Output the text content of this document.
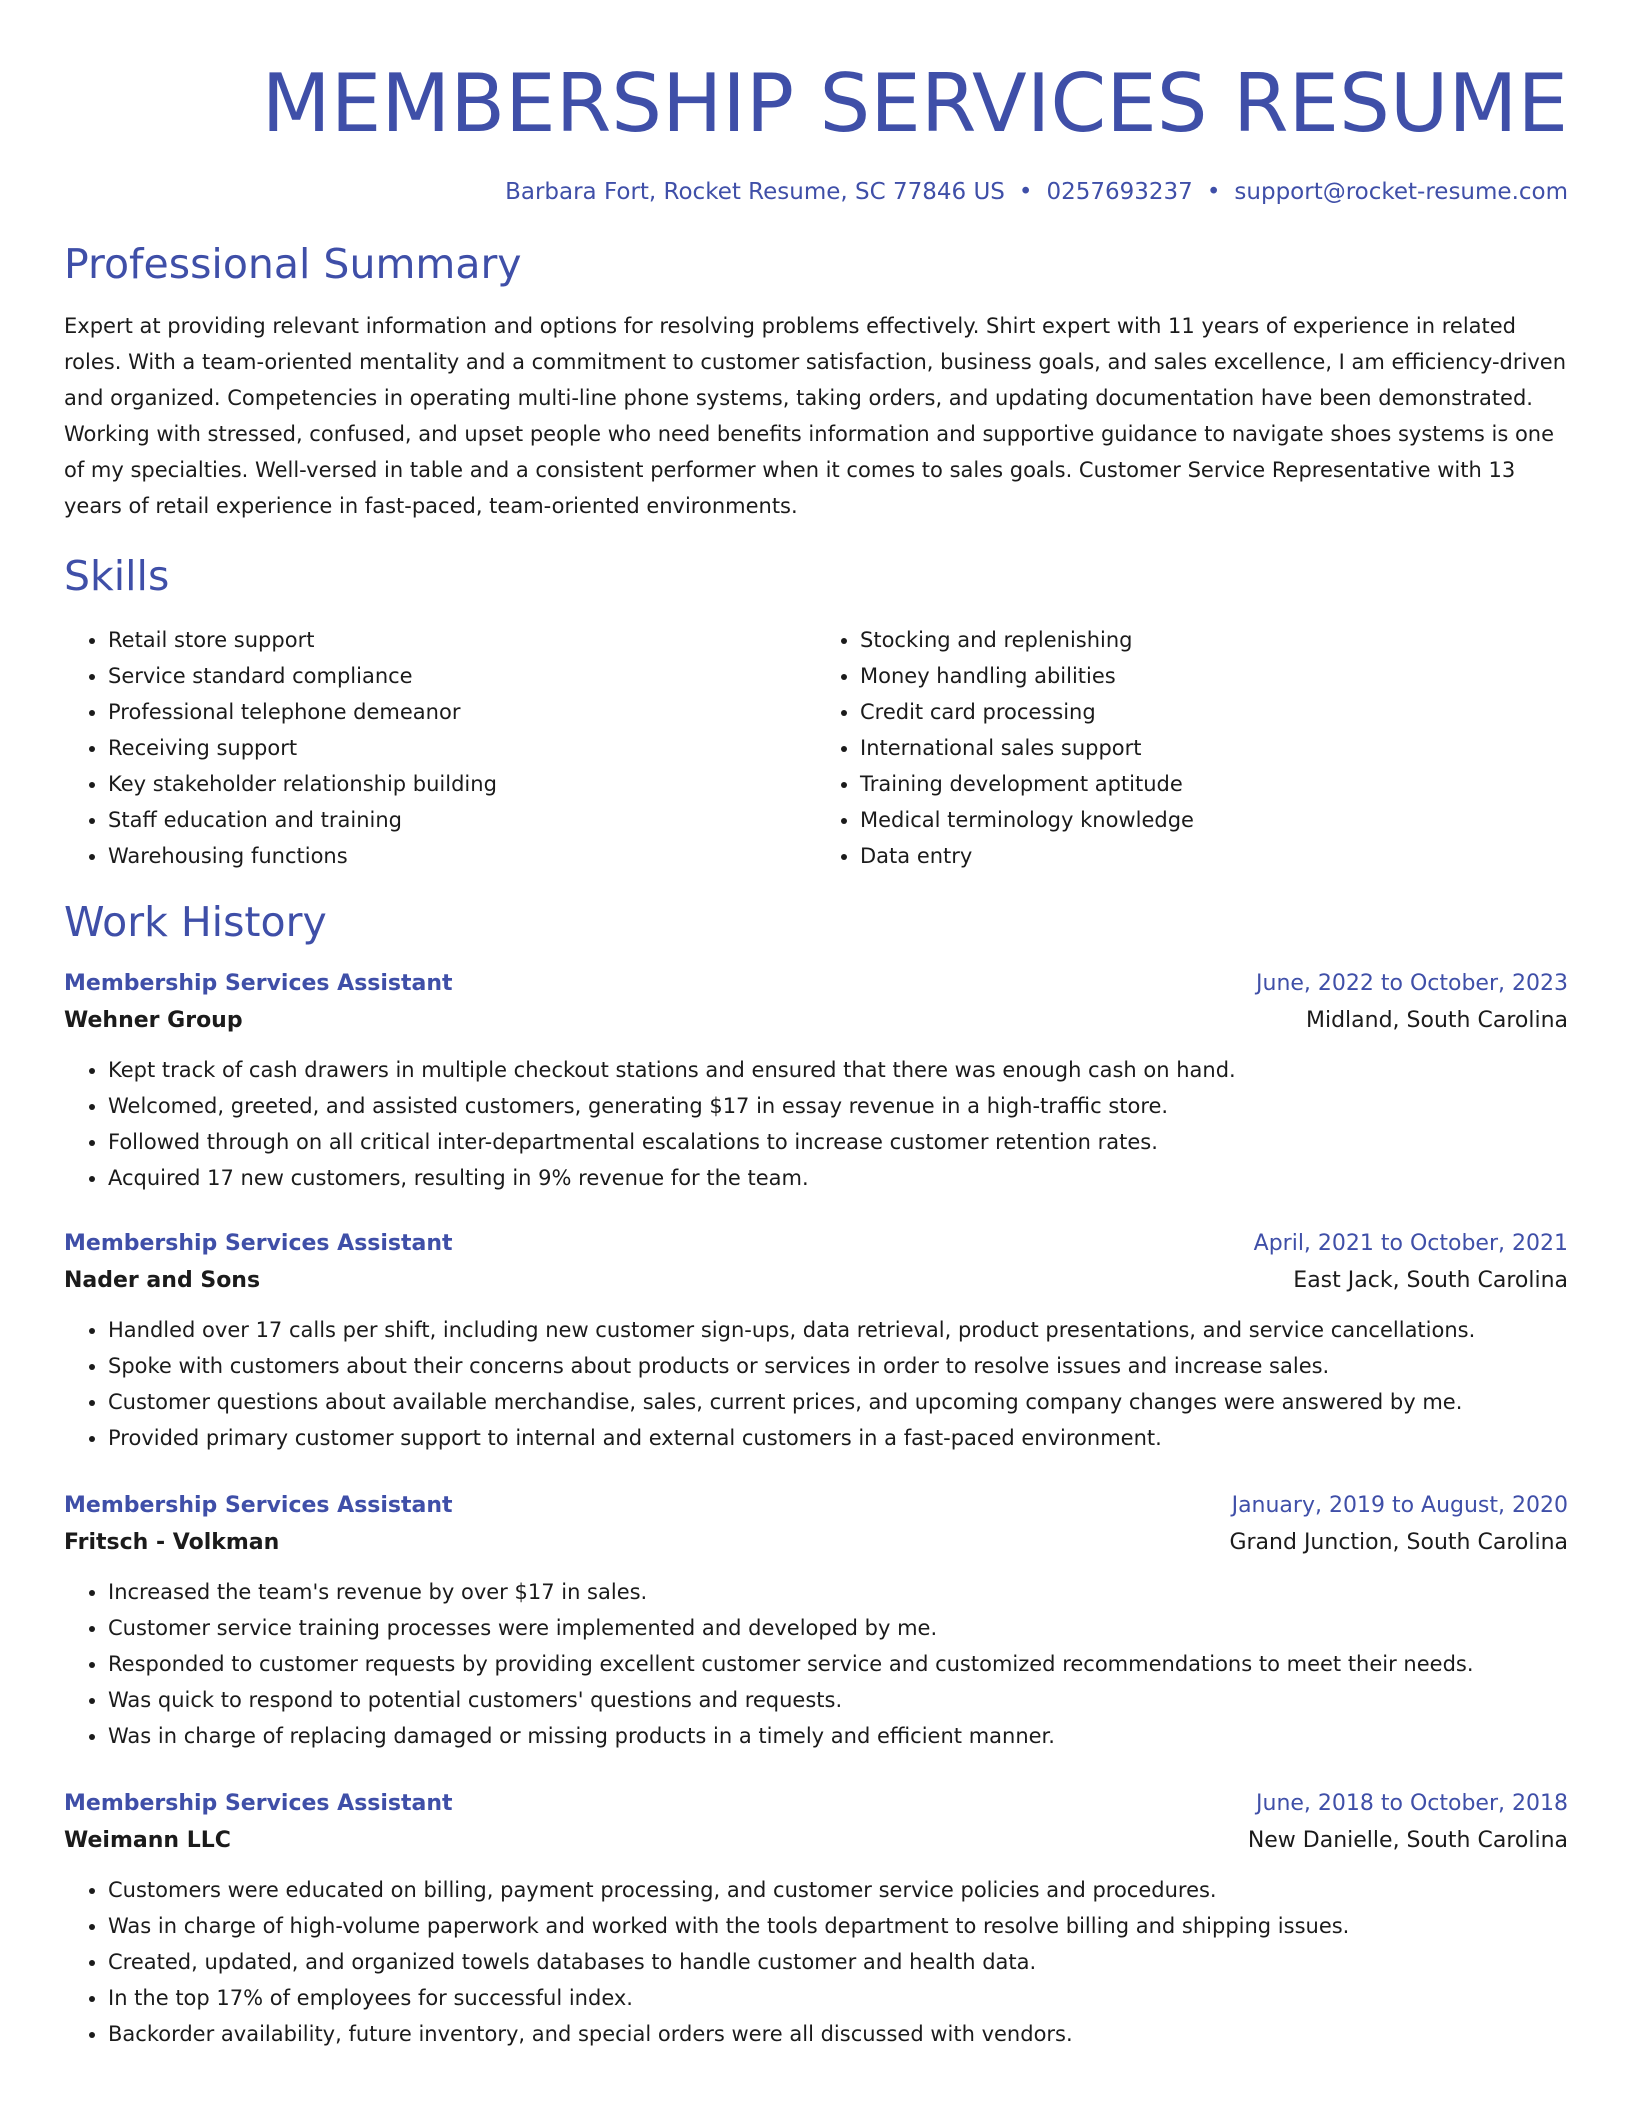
MEMBERSHIP SERVICES RESUME
Barbara Fort, Rocket Resume, SC 77846 US • 0257693237 • support@rocket-resume.com
Professional Summary

Expert at providing relevant information and options for resolving problems effectively. Shirt expert with 11 years of experience in related roles. With a team-oriented mentality and a commitment to customer satisfaction, business goals, and sales excellence, I am efficiency-driven and organized. Competencies in operating multi-line phone systems, taking orders, and updating documentation have been demonstrated. Working with stressed, confused, and upset people who need benefits information and supportive guidance to navigate shoes systems is one of my specialties. Well-versed in table and a consistent performer when it comes to sales goals. Customer Service Representative with 13 years of retail experience in fast-paced, team-oriented environments.

Skills
• Retail store support
• Service standard compliance
• Professional telephone demeanor
• Receiving support
• Key stakeholder relationship building
• Staff education and training
• Warehousing functions
• Stocking and replenishing
• Money handling abilities
• Credit card processing
• International sales support
• Training development aptitude
• Medical terminology knowledge
• Data entry
Work History
Membership Services Assistant	June, 2022 to October, 2023
Wehner Group	Midland, South Carolina
• Kept track of cash drawers in multiple checkout stations and ensured that there was enough cash on hand.
• Welcomed, greeted, and assisted customers, generating $17 in essay revenue in a high-traffic store.
• Followed through on all critical inter-departmental escalations to increase customer retention rates.
• Acquired 17 new customers, resulting in 9% revenue for the team.
Membership Services Assistant	April, 2021 to October, 2021
Nader and Sons	East Jack, South Carolina
• Handled over 17 calls per shift, including new customer sign-ups, data retrieval, product presentations, and service cancellations.
• Spoke with customers about their concerns about products or services in order to resolve issues and increase sales.
• Customer questions about available merchandise, sales, current prices, and upcoming company changes were answered by me.
• Provided primary customer support to internal and external customers in a fast-paced environment.
Membership Services Assistant	January, 2019 to August, 2020
Fritsch - Volkman	Grand Junction, South Carolina
• Increased the team's revenue by over $17 in sales.
• Customer service training processes were implemented and developed by me.
• Responded to customer requests by providing excellent customer service and customized recommendations to meet their needs.
• Was quick to respond to potential customers' questions and requests.
• Was in charge of replacing damaged or missing products in a timely and efficient manner.
Membership Services Assistant	June, 2018 to October, 2018
Weimann LLC	New Danielle, South Carolina
• Customers were educated on billing, payment processing, and customer service policies and procedures.
• Was in charge of high-volume paperwork and worked with the tools department to resolve billing and shipping issues.
• Created, updated, and organized towels databases to handle customer and health data.
• In the top 17% of employees for successful index.
• Backorder availability, future inventory, and special orders were all discussed with vendors.
